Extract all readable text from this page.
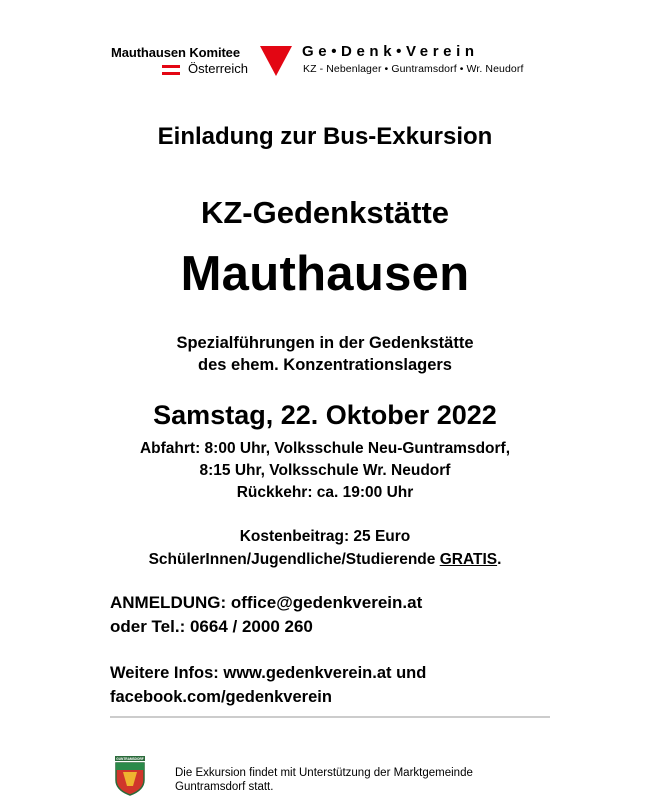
Mauthausen Komitee
Österreich
Ge•Denk•Verein
KZ - Nebenlager • Guntramsdorf • Wr. Neudorf
Einladung zur Bus-Exkursion
KZ-Gedenkstätte
Mauthausen
Spezialführungen in der Gedenkstätte
des ehem. Konzentrationslagers
Samstag, 22. Oktober 2022
Abfahrt: 8:00 Uhr, Volksschule Neu-Guntramsdorf,
8:15 Uhr, Volksschule Wr. Neudorf
Rückkehr: ca. 19:00 Uhr
Kostenbeitrag: 25 Euro
SchülerInnen/Jugendliche/Studierende GRATIS.
ANMELDUNG: office@gedenkverein.at
oder Tel.: 0664 / 2000 260
Weitere Infos: www.gedenkverein.at und
facebook.com/gedenkverein
GUNTRAMSDORF
Die Exkursion findet mit Unterstützung der Marktgemeinde
Guntramsdorf statt.
